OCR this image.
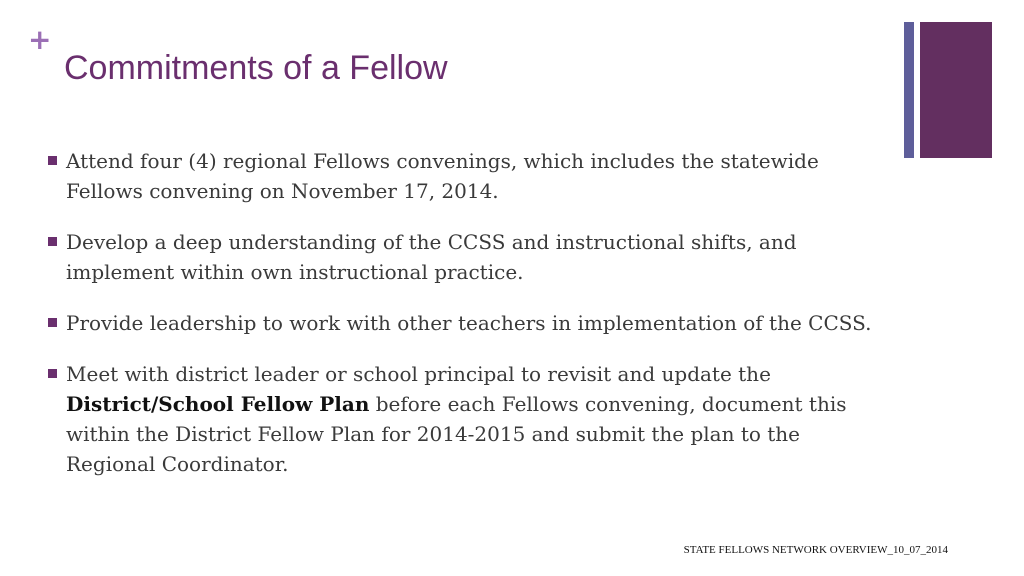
+
Commitments of a Fellow
Attend four (4) regional Fellows convenings, which includes the statewide Fellows convening on November 17, 2014.
Develop a deep understanding of the CCSS and instructional shifts, and implement within own instructional practice.
Provide leadership to work with other teachers in implementation of the CCSS.
Meet with district leader or school principal to revisit and update the District/School Fellow Plan before each Fellows convening, document this within the District Fellow Plan for 2014-2015 and submit the plan to the Regional Coordinator.
STATE FELLOWS NETWORK OVERVIEW_10_07_2014
